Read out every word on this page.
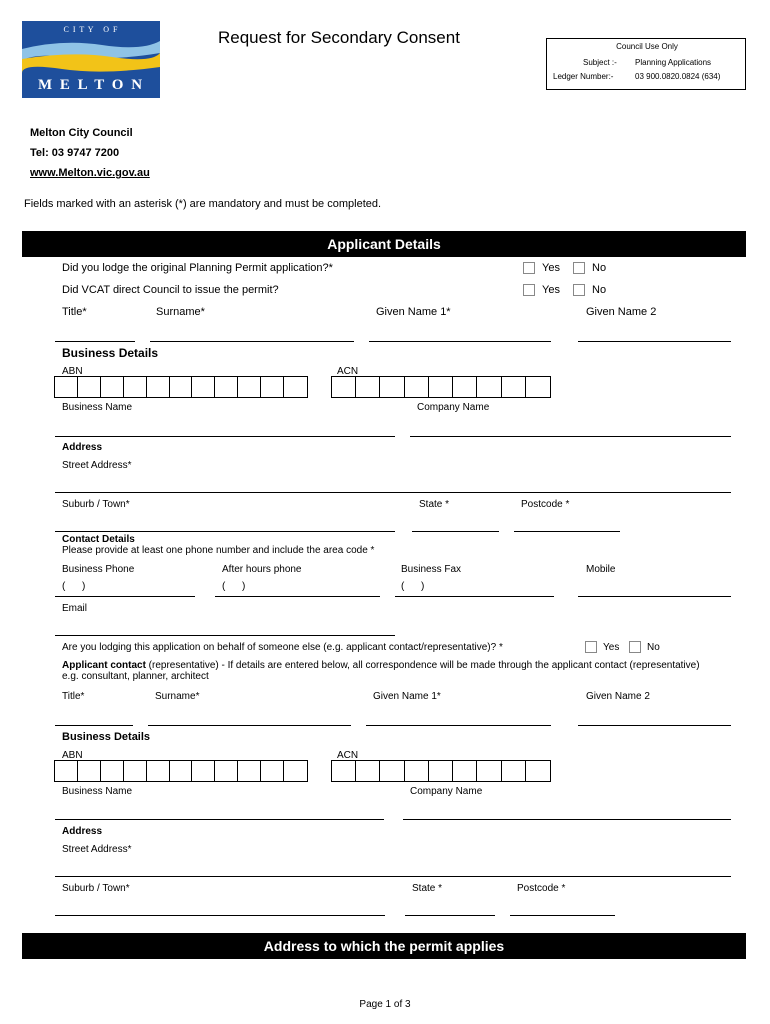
C I T Y   O F
M E L T O N
Request for Secondary Consent	Council Use Only
Subject :- Planning Applications
Ledger Number:-	03 900.0820.0824 (634)
Melton City Council
Tel: 03 9747 7200
www.Melton.vic.gov.au
Fields marked with an asterisk (*) are mandatory and must be completed.
Applicant Details
Did you lodge the original Planning Permit application?*	Yes	No
Did VCAT direct Council to issue the permit?	Yes	No
Title*	Surname*	Given Name 1*	Given Name 2
Business Details
ABN	ACN
Business Name	Company Name
Address
Street Address*
Suburb / Town*	State *	Postcode *
Contact Details
Please provide at least one phone number and include the area code *
Business Phone	After hours phone	Business Fax	Mobile
(      )	(      )	(      )
Email
Are you lodging this application on behalf of someone else (e.g. applicant contact/representative)? *	Yes	No
Applicant contact (representative) - If details are entered below, all correspondence will be made through the applicant contact (representative)
e.g. consultant, planner, architect
Title*	Surname*	Given Name 1*	Given Name 2
Business Details
ABN	ACN
Business Name	Company Name
Address
Street Address*
Suburb / Town*	State *	Postcode *
Address to which the permit applies
Page 1 of 3
